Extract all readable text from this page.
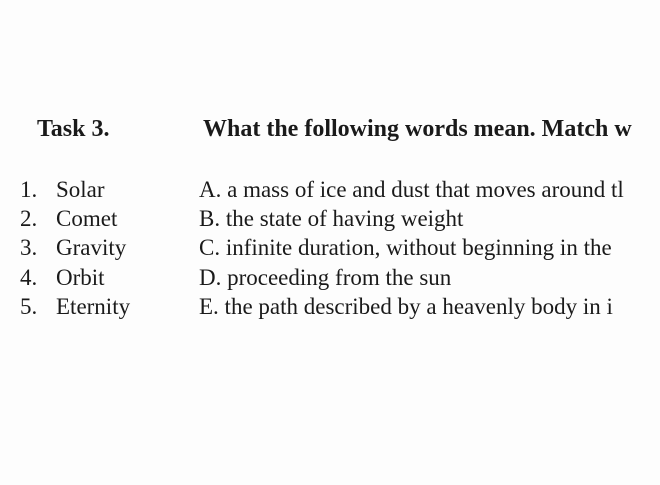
Task 3.	What the following words mean. Match w
1. Solar
2. Comet
3. Gravity
4. Orbit
5. Eternity
A. a mass of ice and dust that moves around tl
B. the state of having weight
C. infinite duration, without beginning in the
D. proceeding from the sun
E. the path described by a heavenly body in i
